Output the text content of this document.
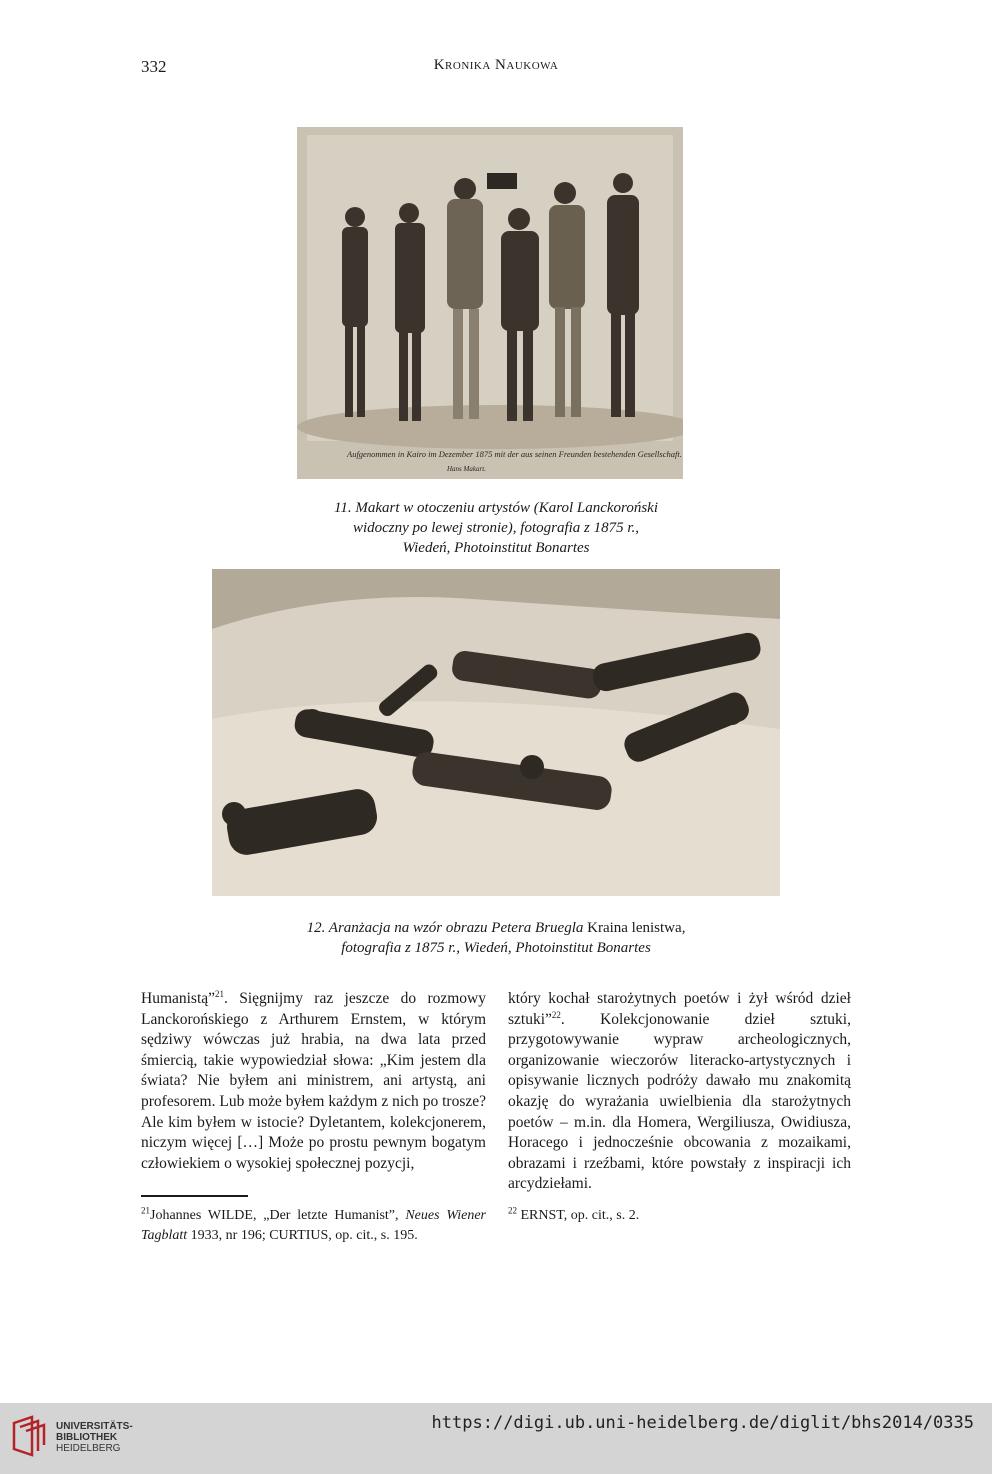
332	Kronika Naukowa
Aufgenommen in Kairo im Dezember 1875 mit der aus seinen Freunden bestehenden Gesellschaft.
Hans Makart.
11. Makart w otoczeniu artystów (Karol Lanckoroński
widoczny po lewej stronie), fotografia z 1875 r.,
Wiedeń, Photoinstitut Bonartes
12. Aranżacja na wzór obrazu Petera Bruegla Kraina lenistwa,
fotografia z 1875 r., Wiedeń, Photoinstitut Bonartes

Humanistą”$^{21}$. Sięgnijmy raz jeszcze do rozmowy Lanckorońskiego z Arthurem Ernstem, w którym sędziwy wówczas już hrabia, na dwa lata przed śmiercią, takie wypowiedział słowa: „Kim jestem dla świata? Nie byłem ani ministrem, ani artystą, ani profesorem. Lub może byłem każdym z nich po trosze? Ale kim byłem w istocie? Dyletantem, kolekcjonerem, niczym więcej […] Może po prostu pewnym bogatym człowiekiem o wysokiej społecznej pozycji,

który kochał starożytnych poetów i żył wśród dzieł sztuki”$^{22}$. Kolekcjonowanie dzieł sztuki, przygotowywanie wypraw archeologicznych, organizowanie wieczorów literacko-artystycznych i opisywanie licznych podróży dawało mu znakomitą okazję do wyrażania uwielbienia dla starożytnych poetów – m.in. dla Homera, Wergiliusza, Owidiusza, Horacego i jednocześnie obcowania z mozaikami, obrazami i rzeźbami, które powstały z inspiracji ich arcydziełami.

$^{21}$Johannes WILDE, „Der letzte Humanist”, Neues Wiener Tagblatt 1933, nr 196; CURTIUS, op. cit., s. 195.
$^{22}$ ERNST, op. cit., s. 2.
UNIVERSITÄTS-
BIBLIOTHEK
HEIDELBERG
https://digi.ub.uni-heidelberg.de/diglit/bhs2014/0335
